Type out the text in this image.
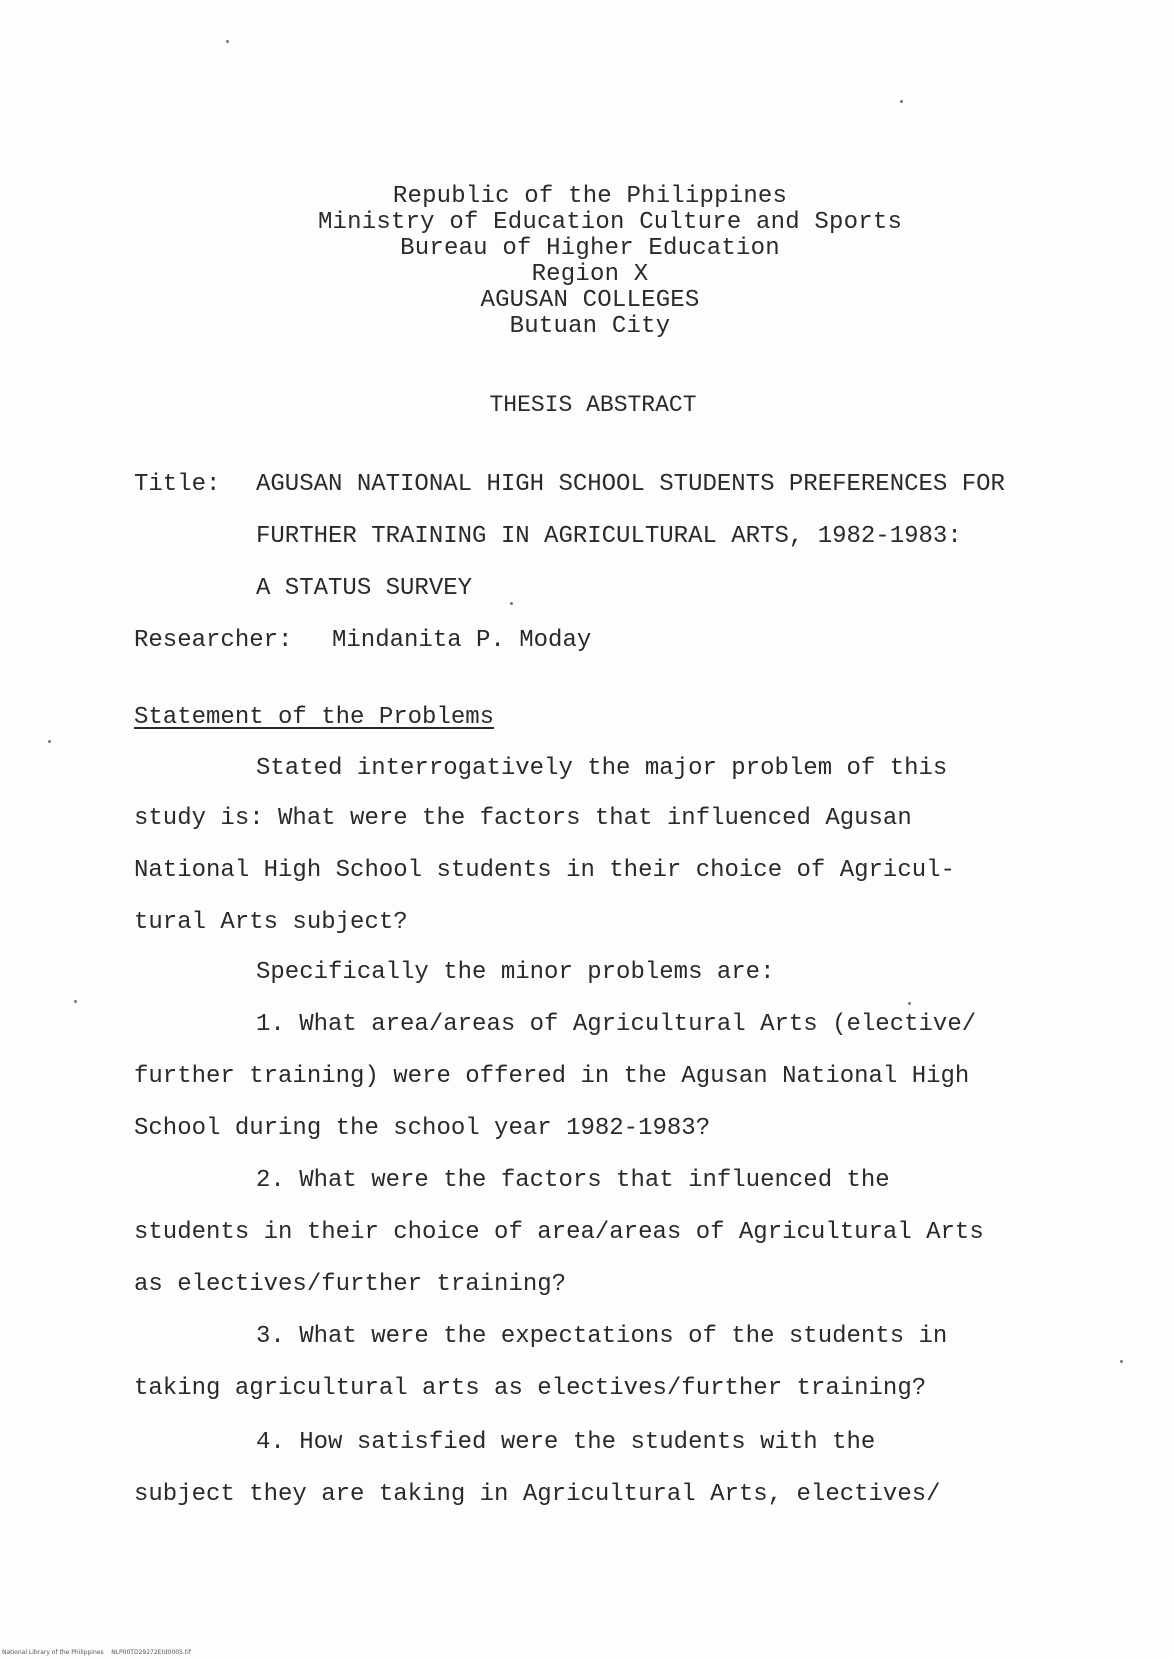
Republic of the Philippines
Ministry of Education Culture and Sports
Bureau of Higher Education
Region X
AGUSAN COLLEGES
Butuan City
THESIS ABSTRACT
Title: AGUSAN NATIONAL HIGH SCHOOL STUDENTS PREFERENCES FOR
FURTHER TRAINING IN AGRICULTURAL ARTS, 1982-1983:
A STATUS SURVEY
Researcher: Mindanita P. Moday
Statement of the Problems
Stated interrogatively the major problem of this
study is: What were the factors that influenced Agusan
National High School students in their choice of Agricul-
tural Arts subject?
Specifically the minor problems are:
1. What area/areas of Agricultural Arts (elective/
further training) were offered in the Agusan National High
School during the school year 1982-1983?
2. What were the factors that influenced the
students in their choice of area/areas of Agricultural Arts
as electives/further training?
3. What were the expectations of the students in
taking agricultural arts as electives/further training?
4. How satisfied were the students with the
subject they are taking in Agricultural Arts, electives/
National Library of the Philippines NLP00TD29272Etd0005.tif
